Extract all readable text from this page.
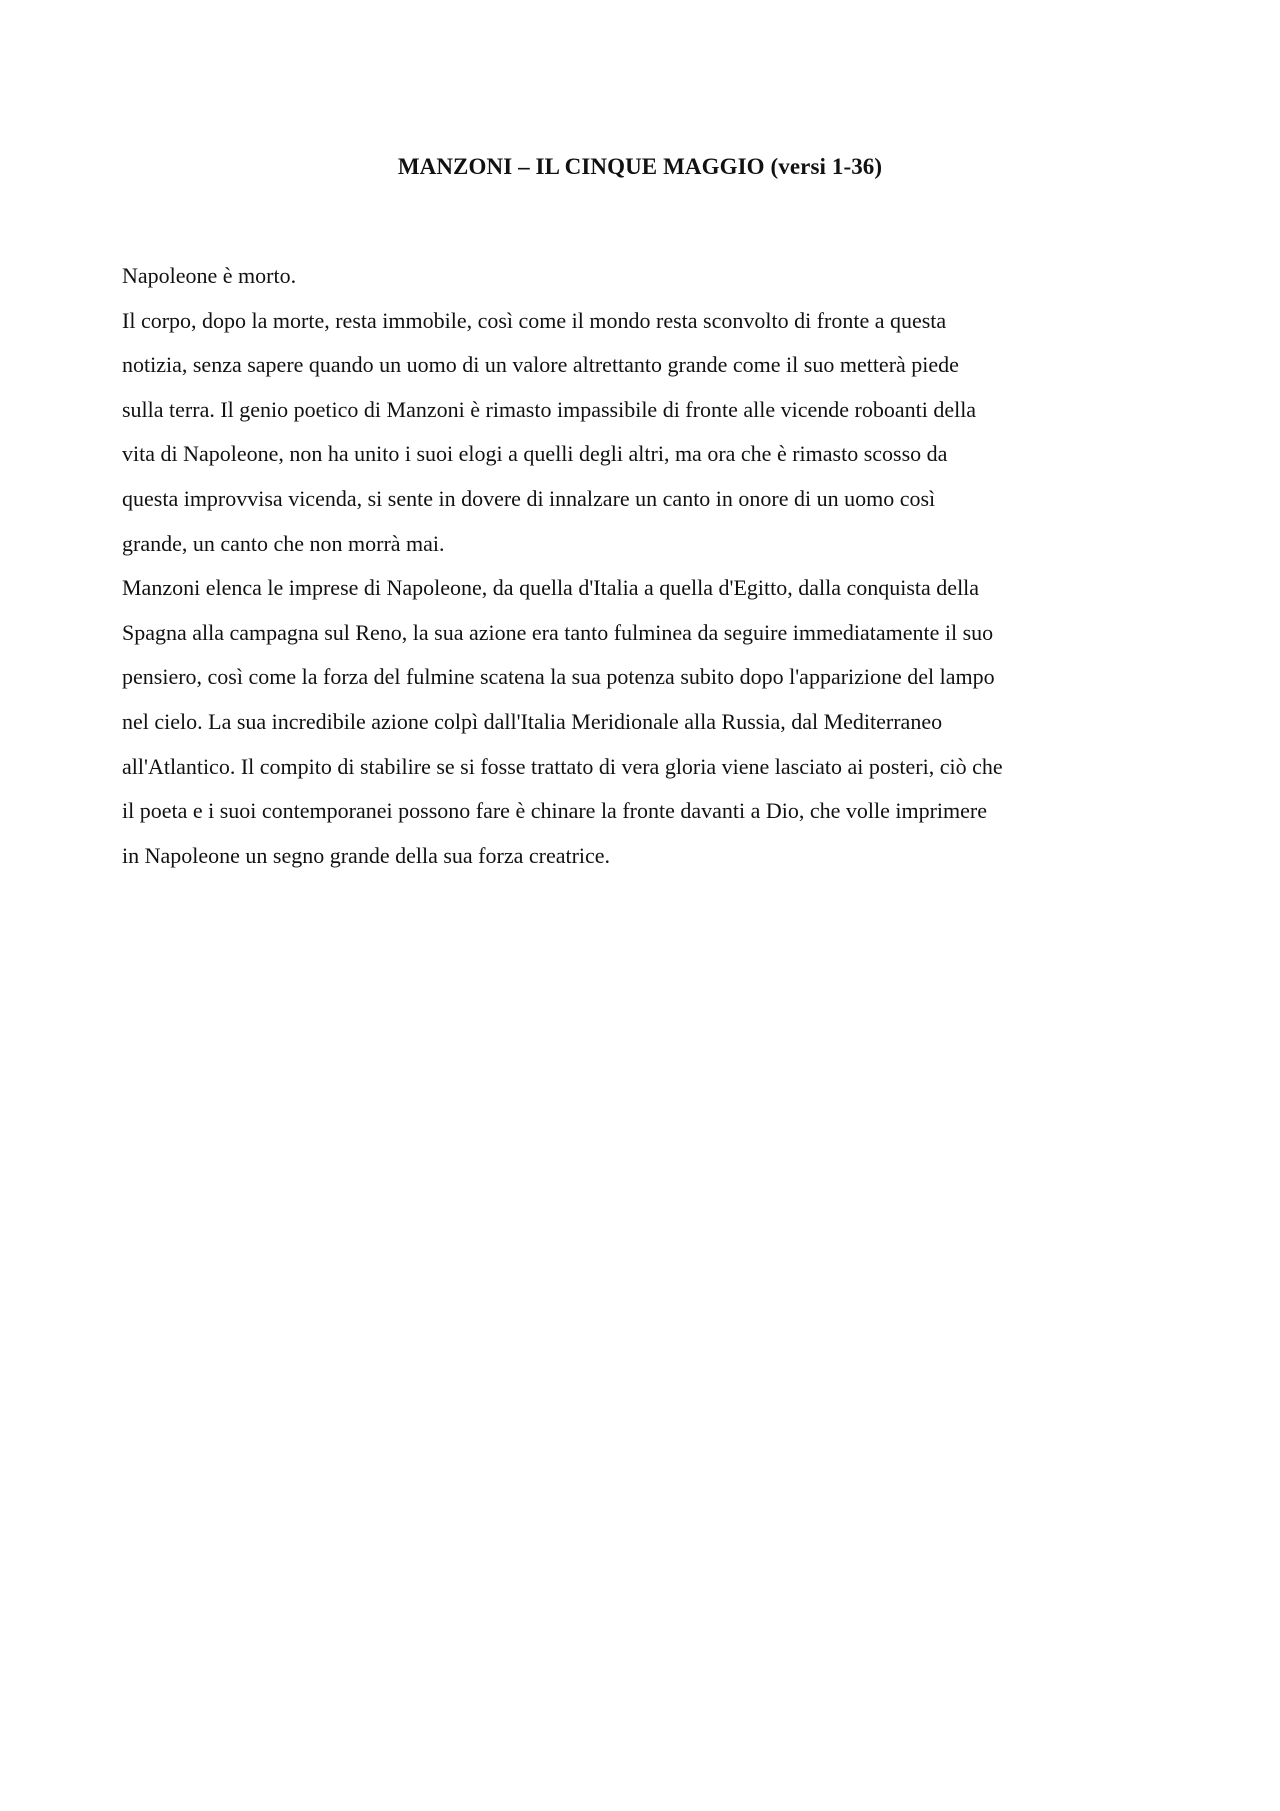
MANZONI – IL CINQUE MAGGIO (versi 1-36)
Napoleone è morto.
Il corpo, dopo la morte, resta immobile, così come il mondo resta sconvolto di fronte a questa
notizia, senza sapere quando un uomo di un valore altrettanto grande come il suo metterà piede
sulla terra. Il genio poetico di Manzoni è rimasto impassibile di fronte alle vicende roboanti della
vita di Napoleone, non ha unito i suoi elogi a quelli degli altri, ma ora che è rimasto scosso da
questa improvvisa vicenda, si sente in dovere di innalzare un canto in onore di un uomo così
grande, un canto che non morrà mai.
Manzoni elenca le imprese di Napoleone, da quella d'Italia a quella d'Egitto, dalla conquista della
Spagna alla campagna sul Reno, la sua azione era tanto fulminea da seguire immediatamente il suo
pensiero, così come la forza del fulmine scatena la sua potenza subito dopo l'apparizione del lampo
nel cielo. La sua incredibile azione colpì dall'Italia Meridionale alla Russia, dal Mediterraneo
all'Atlantico. Il compito di stabilire se si fosse trattato di vera gloria viene lasciato ai posteri, ciò che
il poeta e i suoi contemporanei possono fare è chinare la fronte davanti a Dio, che volle imprimere
in Napoleone un segno grande della sua forza creatrice.
